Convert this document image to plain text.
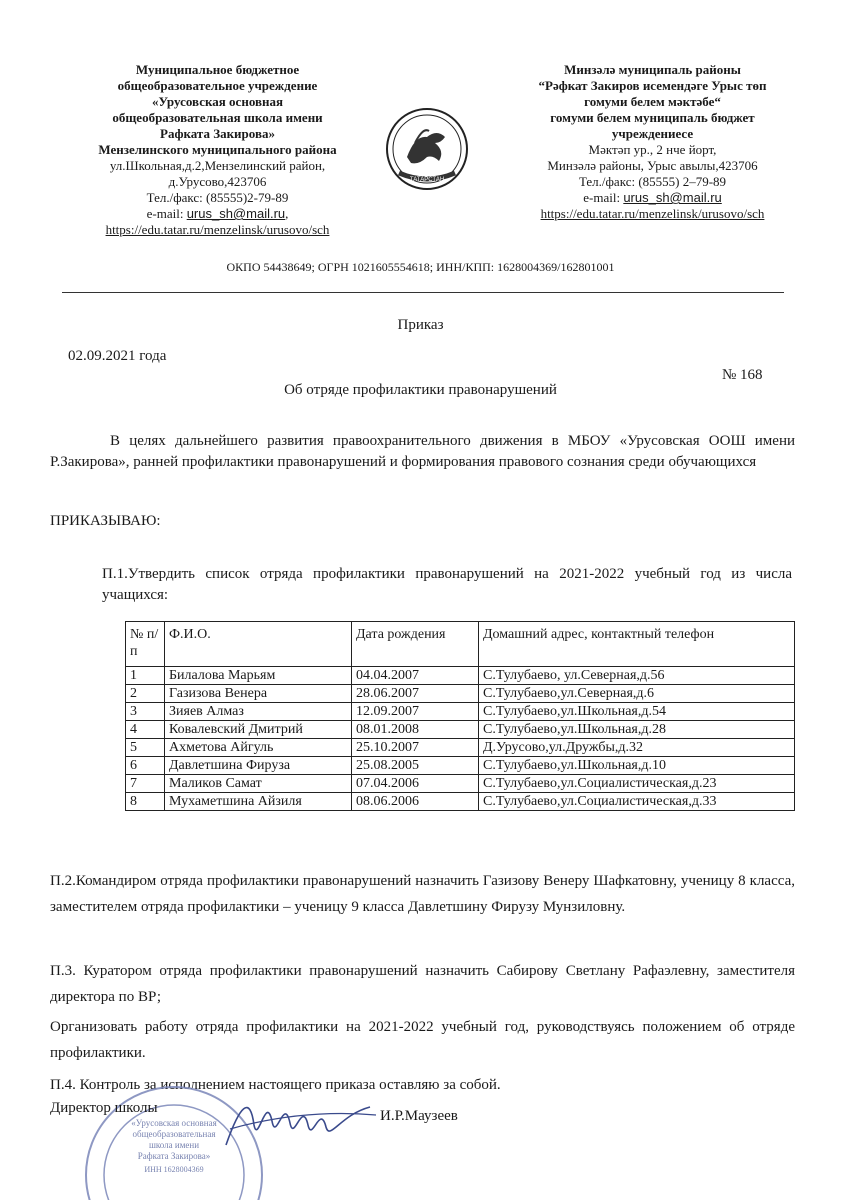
Муниципальное бюджетное
общеобразовательное учреждение
«Урусовская основная
общеобразовательная школа имени
Рафката Закирова»
Мензелинского муниципального района
ул.Школьная,д.2,Мензелинский район,
д.Урусово,423706
Тел./факс: (85555)2-79-89
e-mail: urus_sh@mail.ru,
https://edu.tatar.ru/menzelinsk/urusovo/sch
ТАТАРСТАН
Минзәлә муниципаль районы
“Рәфкат Закиров исемендәге Урыс төп
гомуми белем мәктәбе“
гомуми белем муниципаль бюджет
учреждениесе
Мәктәп ур., 2 нче йорт,
Минзәлә районы, Урыс авылы,423706
Тел./факс: (85555) 2–79-89
e-mail: urus_sh@mail.ru
https://edu.tatar.ru/menzelinsk/urusovo/sch
ОКПО 54438649; ОГРН 1021605554618; ИНН/КПП: 1628004369/162801001
Приказ
02.09.2021 года
№ 168
Об отряде профилактики правонарушений
В целях дальнейшего развития правоохранительного движения в МБОУ «Урусовская ООШ имени Р.Закирова», ранней профилактики правонарушений и формирования правового сознания среди обучающихся
ПРИКАЗЫВАЮ:
П.1.Утвердить список отряда профилактики правонарушений на 2021-2022 учебный год из числа учащихся:
№ п/п	Ф.И.О.	Дата рождения	Домашний адрес, контактный телефон
1	Билалова Марьям	04.04.2007	С.Тулубаево, ул.Северная,д.56
2	Газизова Венера	28.06.2007	С.Тулубаево,ул.Северная,д.6
3	Зияев Алмаз	12.09.2007	С.Тулубаево,ул.Школьная,д.54
4	Ковалевский Дмитрий	08.01.2008	С.Тулубаево,ул.Школьная,д.28
5	Ахметова Айгуль	25.10.2007	Д.Урусово,ул.Дружбы,д.32
6	Давлетшина Фируза	25.08.2005	С.Тулубаево,ул.Школьная,д.10
7	Маликов Самат	07.04.2006	С.Тулубаево,ул.Социалистическая,д.23
8	Мухаметшина Айзиля	08.06.2006	С.Тулубаево,ул.Социалистическая,д.33
П.2.Командиром отряда профилактики правонарушений назначить Газизову Венеру Шафкатовну, ученицу 8 класса, заместителем отряда профилактики – ученицу 9 класса Давлетшину Фирузу Мунзиловну.
П.3. Куратором отряда профилактики правонарушений назначить Сабирову Светлану Рафаэлевну, заместителя директора по ВР;
Организовать работу отряда профилактики на 2021-2022 учебный год, руководствуясь положением об отряде профилактики.
П.4. Контроль за исполнением настоящего приказа оставляю за собой.
«Урусовская основная
общеобразовательная
школа имени
Рафката Закирова»
ИНН 1628004369
Директор школы	И.Р.Маузеев
